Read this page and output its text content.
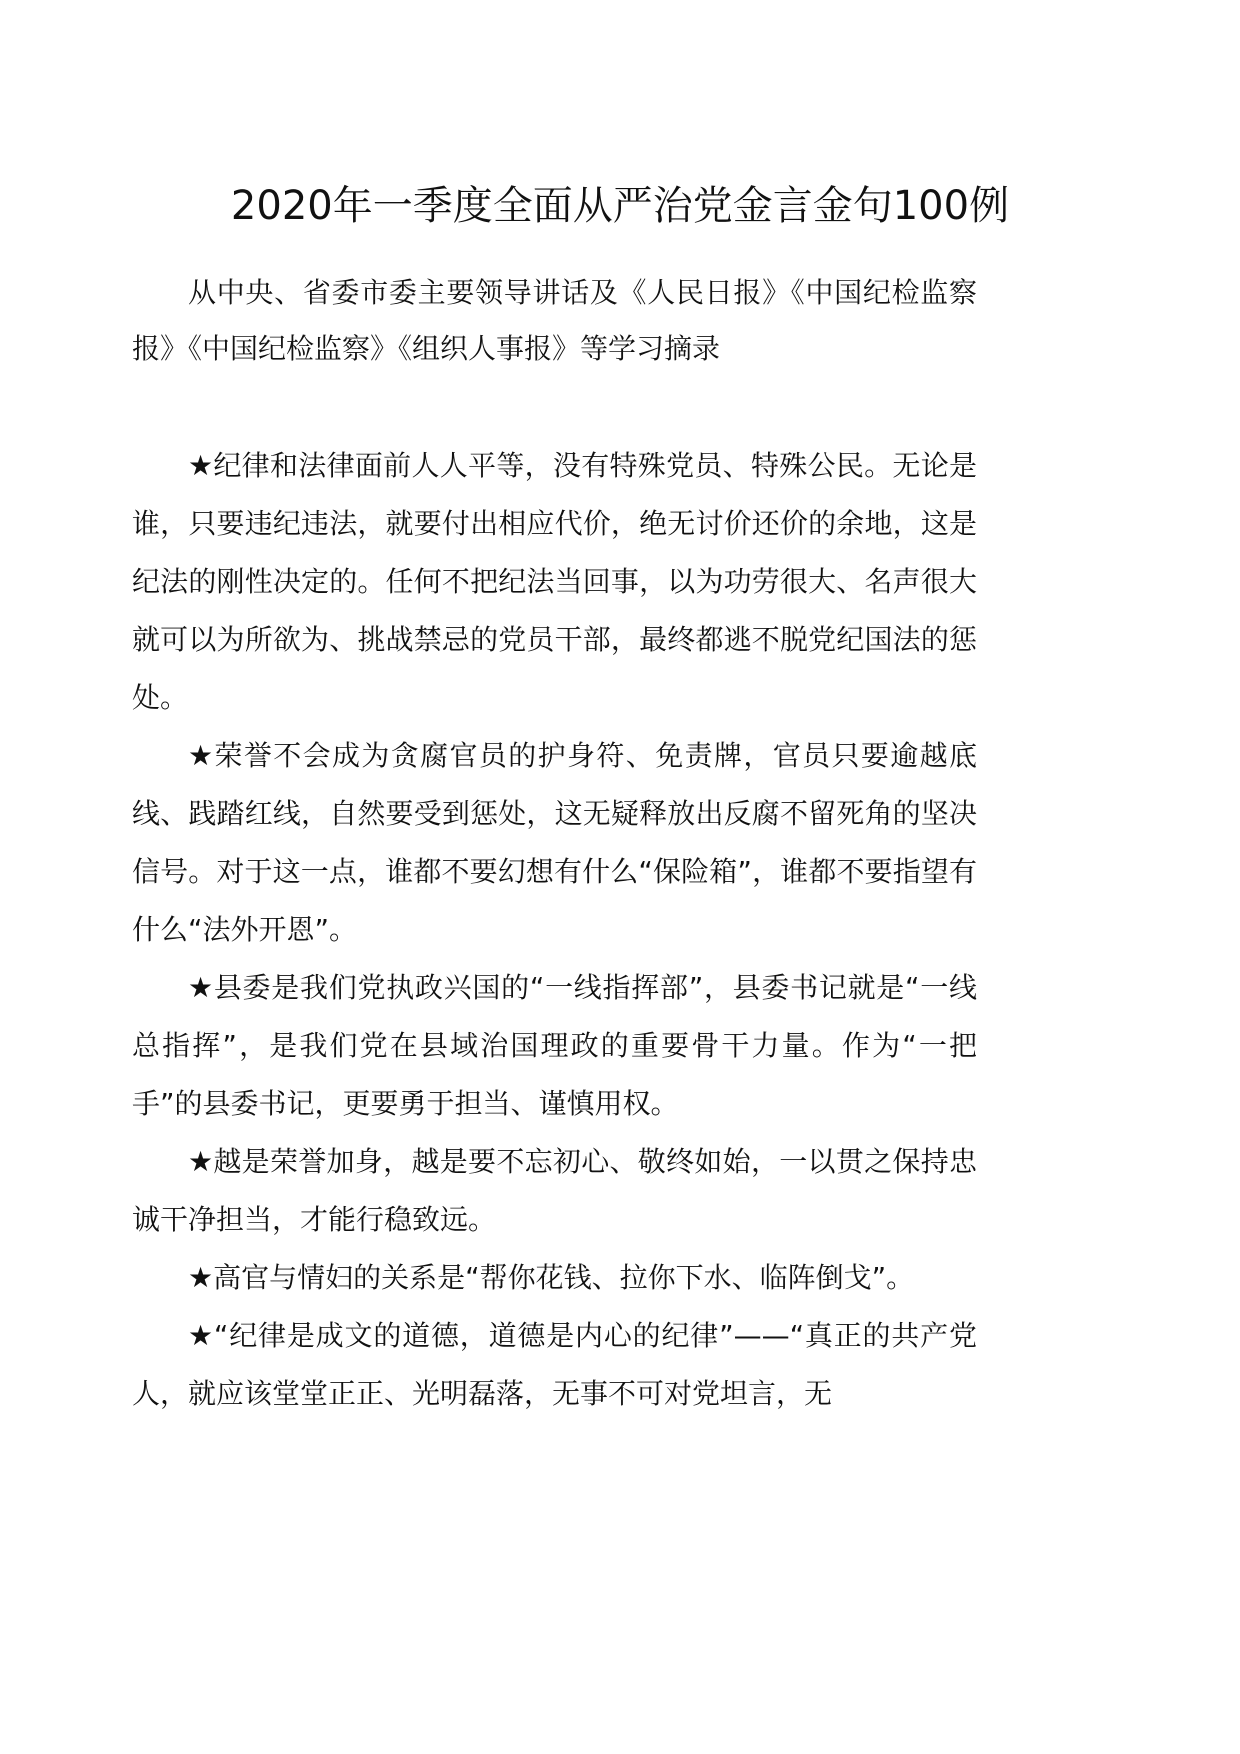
2020年一季度全面从严治党金言金句100例

从中央、省委市委主要领导讲话及《人民日报》《中国纪检监察报》《中国纪检监察》《组织人事报》等学习摘录

★纪律和法律面前人人平等，没有特殊党员、特殊公民。无论是谁，只要违纪违法，就要付出相应代价，绝无讨价还价的余地，这是纪法的刚性决定的。任何不把纪法当回事，以为功劳很大、名声很大就可以为所欲为、挑战禁忌的党员干部，最终都逃不脱党纪国法的惩处。

★荣誉不会成为贪腐官员的护身符、免责牌，官员只要逾越底线、践踏红线，自然要受到惩处，这无疑释放出反腐不留死角的坚决信号。对于这一点，谁都不要幻想有什么“保险箱”，谁都不要指望有什么“法外开恩”。

★县委是我们党执政兴国的“一线指挥部”，县委书记就是“一线总指挥”，是我们党在县域治国理政的重要骨干力量。作为“一把手”的县委书记，更要勇于担当、谨慎用权。

★越是荣誉加身，越是要不忘初心、敬终如始，一以贯之保持忠诚干净担当，才能行稳致远。

★高官与情妇的关系是“帮你花钱、拉你下水、临阵倒戈”。

★“纪律是成文的道德，道德是内心的纪律”——“真正的共产党人，就应该堂堂正正、光明磊落，无事不可对党坦言，无
